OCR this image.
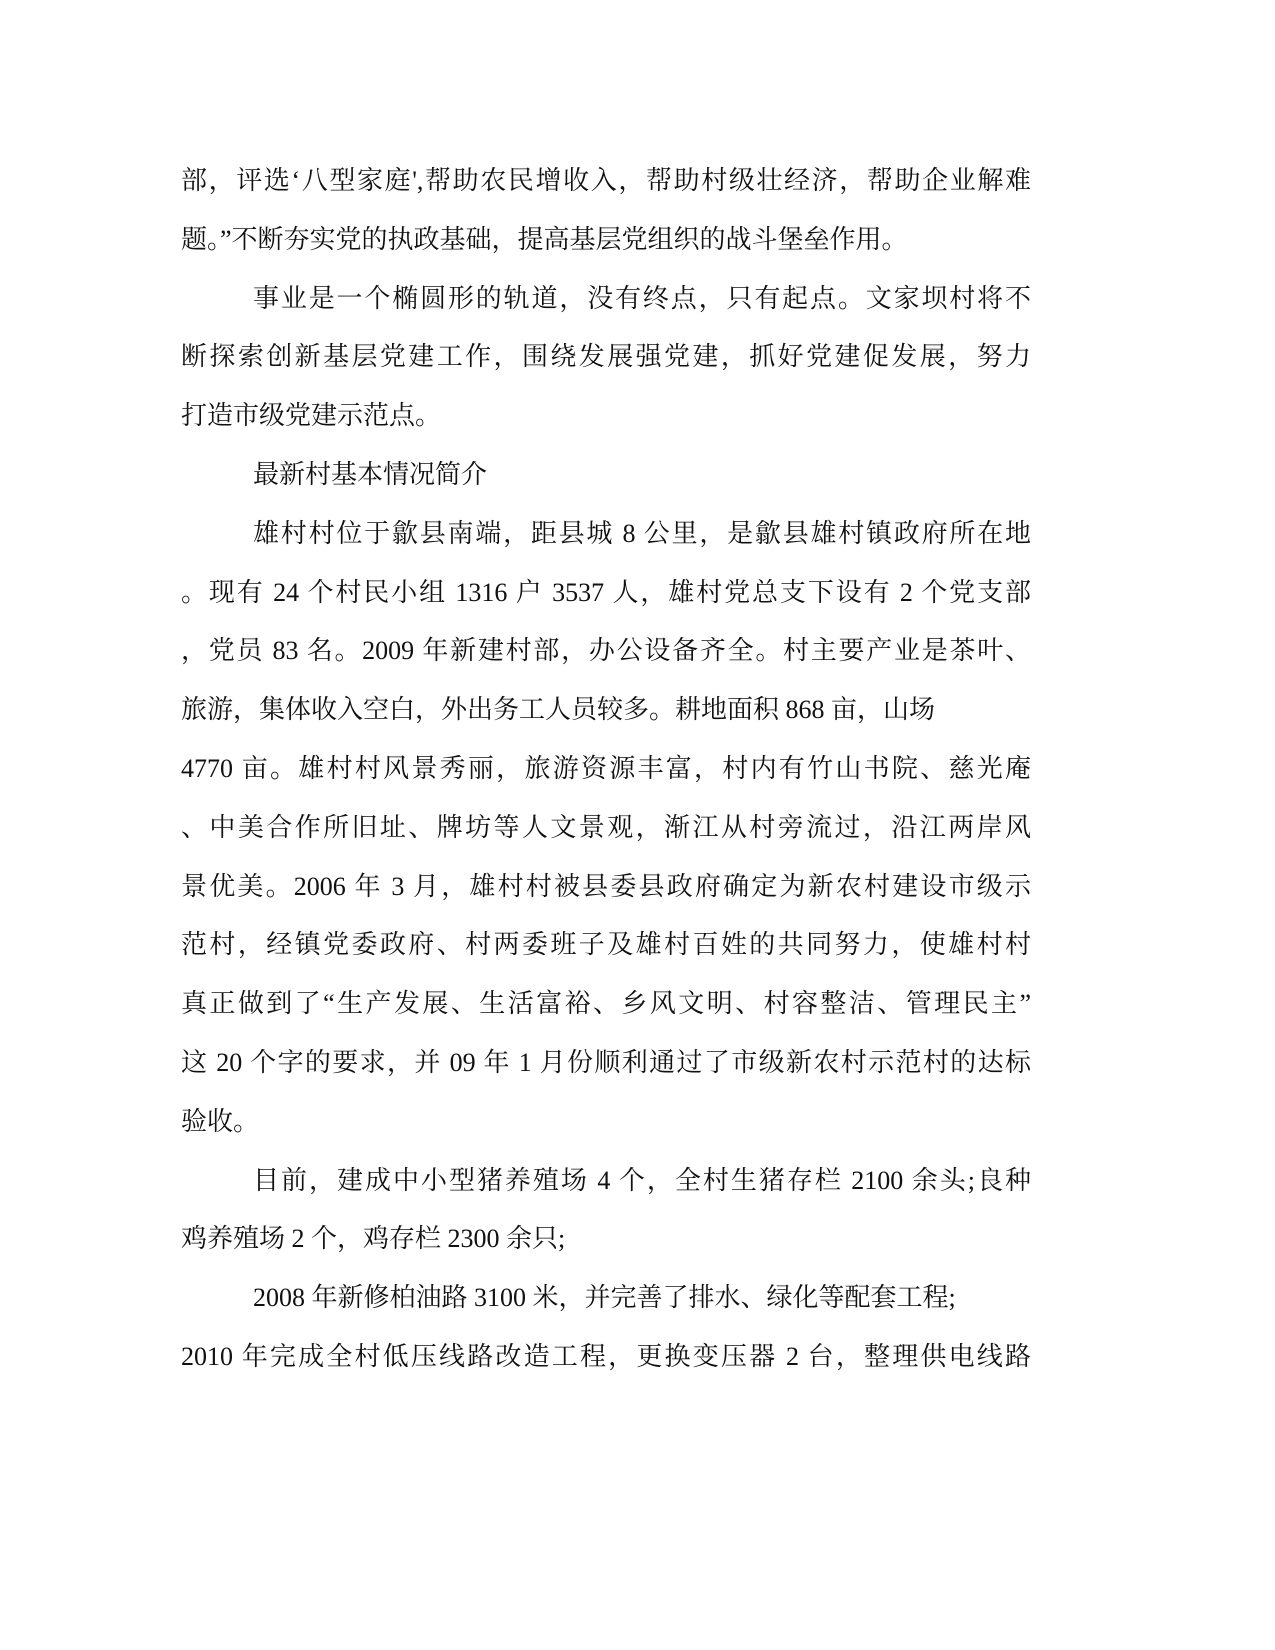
部，评选‘八型家庭',帮助农民增收入，帮助村级壮经济，帮助企业解难
题。”不断夯实党的执政基础，提高基层党组织的战斗堡垒作用。
事业是一个椭圆形的轨道，没有终点，只有起点。文家坝村将不
断探索创新基层党建工作，围绕发展强党建，抓好党建促发展，努力
打造市级党建示范点。
最新村基本情况简介
雄村村位于歙县南端，距县城 8 公里，是歙县雄村镇政府所在地
。现有 24 个村民小组 1316 户 3537 人，雄村党总支下设有 2 个党支部
，党员 83 名。2009 年新建村部，办公设备齐全。村主要产业是茶叶、
旅游，集体收入空白，外出务工人员较多。耕地面积 868 亩，山场
4770 亩。雄村村风景秀丽，旅游资源丰富，村内有竹山书院、慈光庵
、中美合作所旧址、牌坊等人文景观，渐江从村旁流过，沿江两岸风
景优美。2006 年 3 月，雄村村被县委县政府确定为新农村建设市级示
范村，经镇党委政府、村两委班子及雄村百姓的共同努力，使雄村村
真正做到了“生产发展、生活富裕、乡风文明、村容整洁、管理民主”
这 20 个字的要求，并 09 年 1 月份顺利通过了市级新农村示范村的达标
验收。
目前，建成中小型猪养殖场 4 个，全村生猪存栏 2100 余头;良种
鸡养殖场 2 个，鸡存栏 2300 余只;
2008 年新修柏油路 3100 米，并完善了排水、绿化等配套工程;
2010 年完成全村低压线路改造工程，更换变压器 2 台，整理供电线路
